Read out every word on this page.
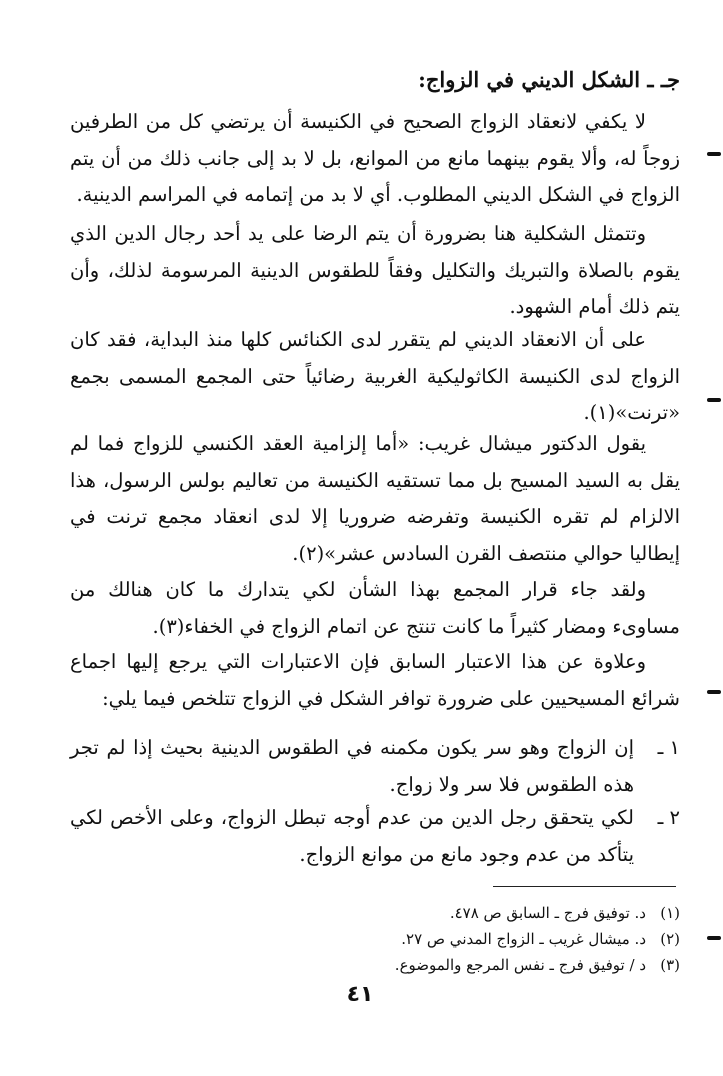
جـ ـ الشكل الديني في الزواج:
لا يكفي لانعقاد الزواج الصحيح في الكنيسة أن يرتضي كل من الطرفين زوجاً له، وألا يقوم بينهما مانع من الموانع، بل لا بد إلى جانب ذلك من أن يتم الزواج في الشكل الديني المطلوب. أي لا بد من إتمامه في المراسم الدينية.
وتتمثل الشكلية هنا بضرورة أن يتم الرضا على يد أحد رجال الدين الذي يقوم بالصلاة والتبريك والتكليل وفقاً للطقوس الدينية المرسومة لذلك، وأن يتم ذلك أمام الشهود.
على أن الانعقاد الديني لم يتقرر لدى الكنائس كلها منذ البداية، فقد كان الزواج لدى الكنيسة الكاثوليكية الغربية رضائياً حتى المجمع المسمى بجمع «ترنت»(١).
يقول الدكتور ميشال غريب: «أما إلزامية العقد الكنسي للزواج فما لم يقل به السيد المسيح بل مما تستقيه الكنيسة من تعاليم بولس الرسول، هذا الالزام لم تقره الكنيسة وتفرضه ضروريا إلا لدى انعقاد مجمع ترنت في إيطاليا حوالي منتصف القرن السادس عشر»(٢).
ولقد جاء قرار المجمع بهذا الشأن لكي يتدارك ما كان هنالك من مساوىء ومضار كثيراً ما كانت تنتج عن اتمام الزواج في الخفاء(٣).
وعلاوة عن هذا الاعتبار السابق فإن الاعتبارات التي يرجع إليها اجماع شرائع المسيحيين على ضرورة توافر الشكل في الزواج تتلخص فيما يلي:
١ ـ
إن الزواج وهو سر يكون مكمنه في الطقوس الدينية بحيث إذا لم تجر هذه الطقوس فلا سر ولا زواج.
٢ ـ
لكي يتحقق رجل الدين من عدم أوجه تبطل الزواج، وعلى الأخص لكي يتأكد من عدم وجود مانع من موانع الزواج.
(١)
د. توفيق فرج ـ السابق ص ٤٧٨.
(٢)
د. ميشال غريب ـ الزواج المدني ص ٢٧.
(٣)
د / توفيق فرج ـ نفس المرجع والموضوع.
٤١
